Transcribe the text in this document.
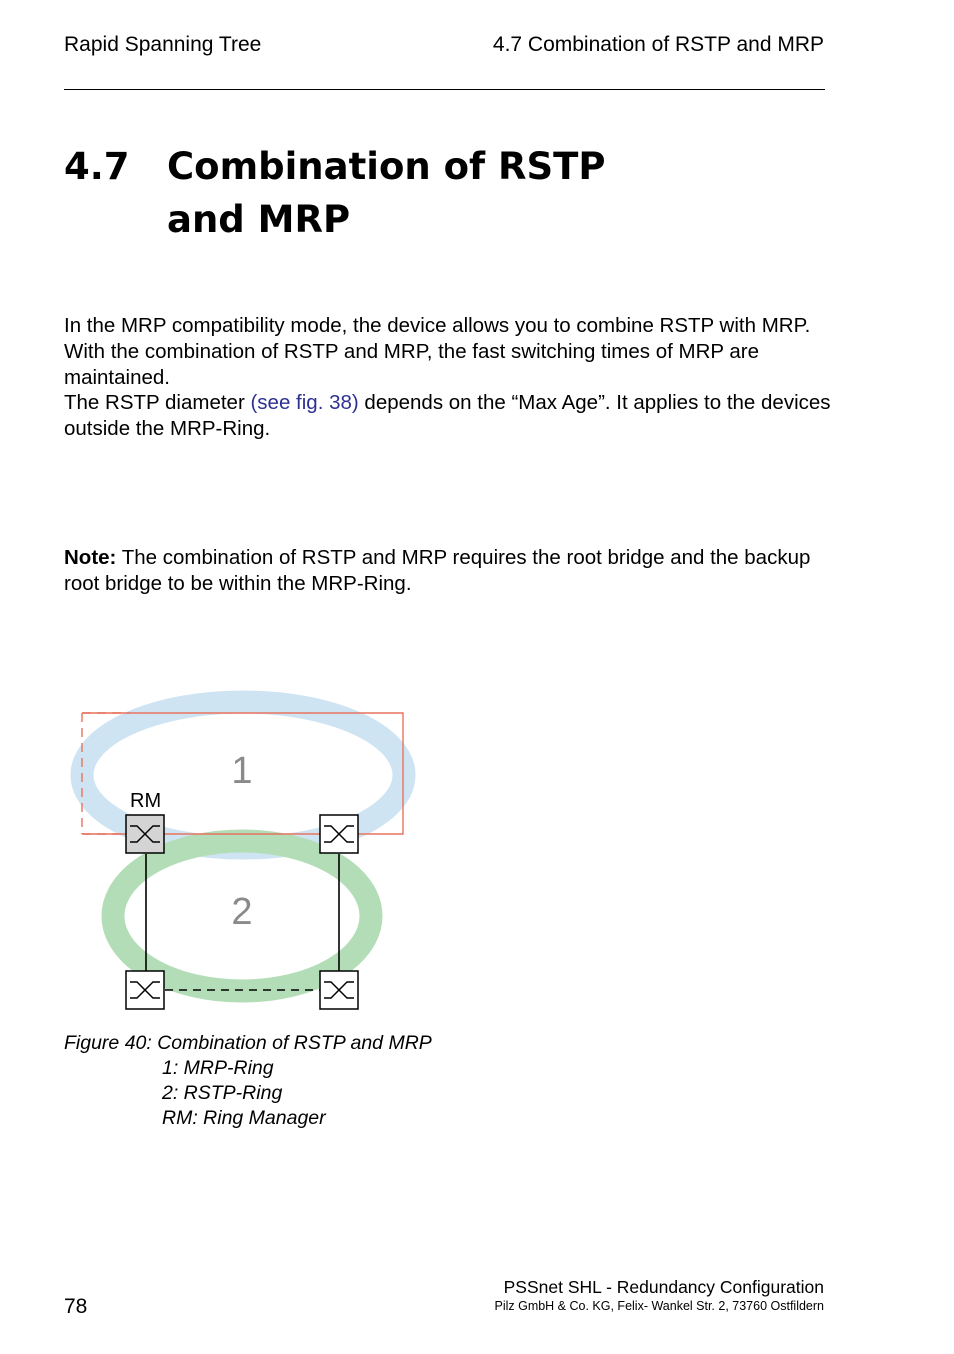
Rapid Spanning Tree	4.7 Combination of RSTP and MRP
4.7 Combination of RSTP
and MRP
In the MRP compatibility mode, the device allows you to combine RSTP with MRP.
With the combination of RSTP and MRP, the fast switching times of MRP are maintained.
The RSTP diameter (see fig. 38) depends on the “Max Age”. It applies to the devices outside the MRP-Ring.
Note: The combination of RSTP and MRP requires the root bridge and the backup root bridge to be within the MRP-Ring.
1
2
RM
Figure 40: Combination of RSTP and MRP
1: MRP-Ring
2: RSTP-Ring
RM: Ring Manager
78
PSSnet SHL - Redundancy Configuration
Pilz GmbH & Co. KG, Felix- Wankel Str. 2, 73760 Ostfildern
